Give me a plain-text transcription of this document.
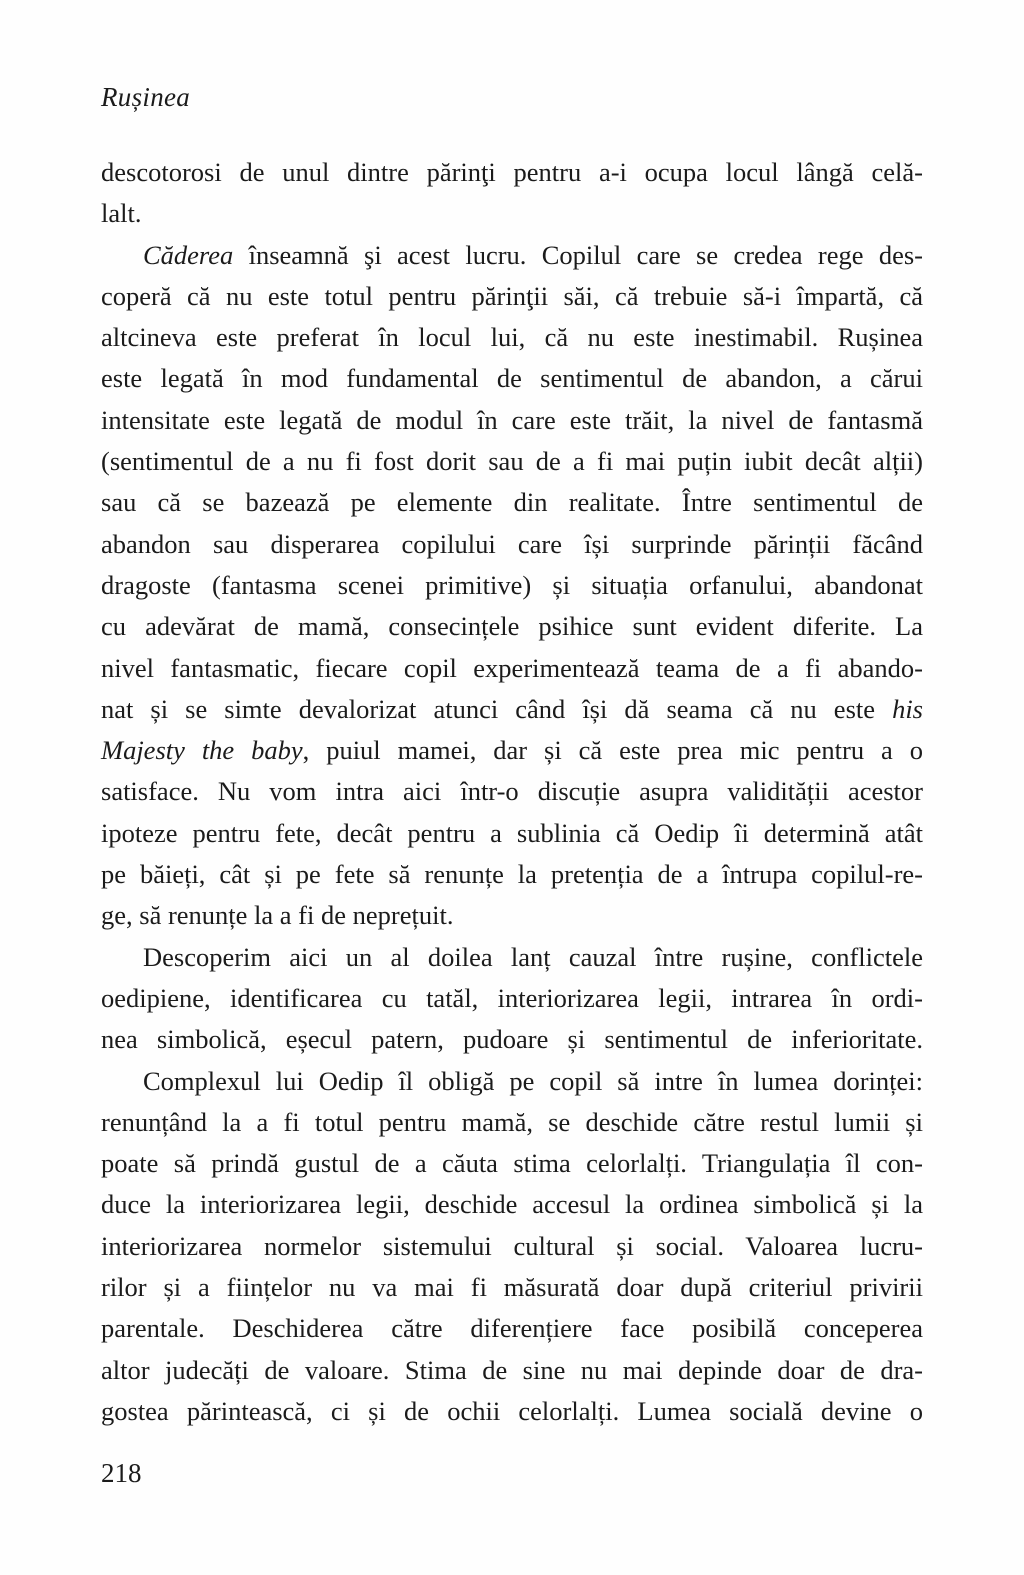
Rușinea
descotorosi de unul dintre părinţi pentru a-i ocupa locul lângă celă-
lalt.
Căderea înseamnă şi acest lucru. Copilul care se credea rege des-
coperă că nu este totul pentru părinţii săi, că trebuie să-i împartă, că
altcineva este preferat în locul lui, că nu este inestimabil. Rușinea
este legată în mod fundamental de sentimentul de abandon, a cărui
intensitate este legată de modul în care este trăit, la nivel de fantasmă
(sentimentul de a nu fi fost dorit sau de a fi mai puțin iubit decât alții)
sau că se bazează pe elemente din realitate. Între sentimentul de
abandon sau disperarea copilului care își surprinde părinții făcând
dragoste (fantasma scenei primitive) și situația orfanului, abandonat
cu adevărat de mamă, consecințele psihice sunt evident diferite. La
nivel fantasmatic, fiecare copil experimentează teama de a fi abando-
nat și se simte devalorizat atunci când își dă seama că nu este his
Majesty the baby, puiul mamei, dar și că este prea mic pentru a o
satisface. Nu vom intra aici într-o discuție asupra validității acestor
ipoteze pentru fete, decât pentru a sublinia că Oedip îi determină atât
pe băieți, cât și pe fete să renunțe la pretenția de a întrupa copilul-re-
ge, să renunțe la a fi de neprețuit.
Descoperim aici un al doilea lanț cauzal între rușine, conflictele
oedipiene, identificarea cu tatăl, interiorizarea legii, intrarea în ordi-
nea simbolică, eșecul patern, pudoare și sentimentul de inferioritate.
Complexul lui Oedip îl obligă pe copil să intre în lumea dorinței:
renunțând la a fi totul pentru mamă, se deschide către restul lumii și
poate să prindă gustul de a căuta stima celorlalți. Triangulația îl con-
duce la interiorizarea legii, deschide accesul la ordinea simbolică și la
interiorizarea normelor sistemului cultural și social. Valoarea lucru-
rilor și a ființelor nu va mai fi măsurată doar după criteriul privirii
parentale. Deschiderea către diferențiere face posibilă conceperea
altor judecăți de valoare. Stima de sine nu mai depinde doar de dra-
gostea părintească, ci și de ochii celorlalți. Lumea socială devine o
218
